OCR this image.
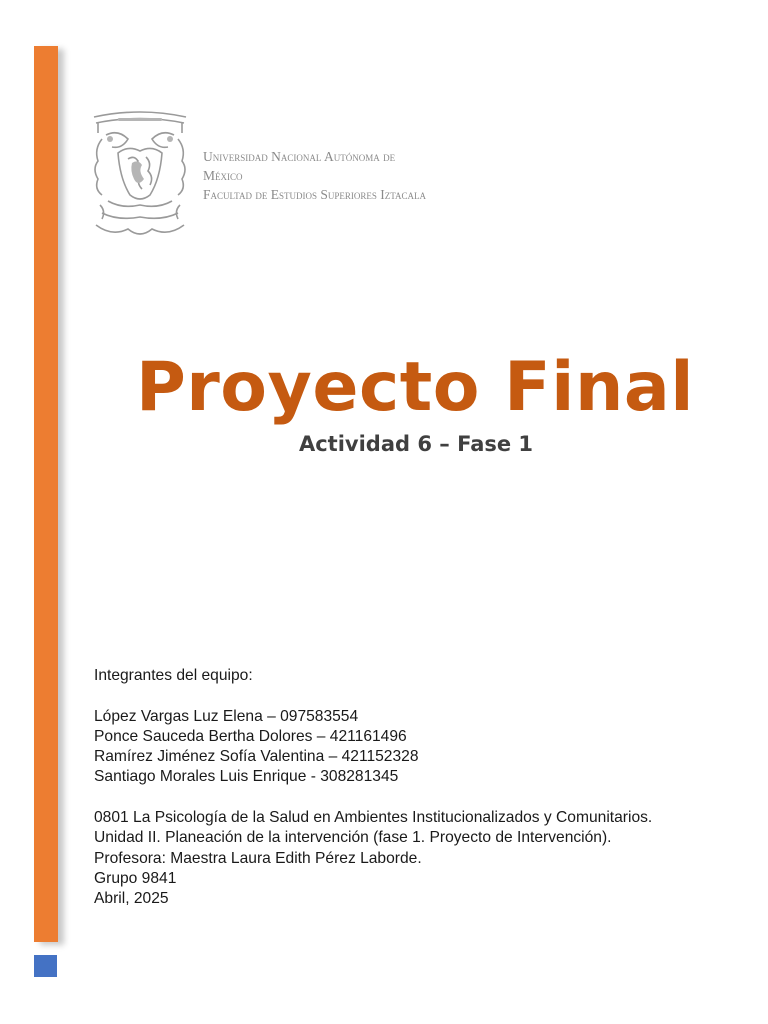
Universidad Nacional Autónoma de
México
Facultad de Estudios Superiores Iztacala
Proyecto Final
Actividad 6 – Fase 1
Integrantes del equipo:
López Vargas Luz Elena – 097583554
Ponce Sauceda Bertha Dolores – 421161496
Ramírez Jiménez Sofía Valentina – 421152328
Santiago Morales Luis Enrique - 308281345
0801 La Psicología de la Salud en Ambientes Institucionalizados y Comunitarios.
Unidad II. Planeación de la intervención (fase 1. Proyecto de Intervención).
Profesora: Maestra Laura Edith Pérez Laborde.
Grupo 9841
Abril, 2025
